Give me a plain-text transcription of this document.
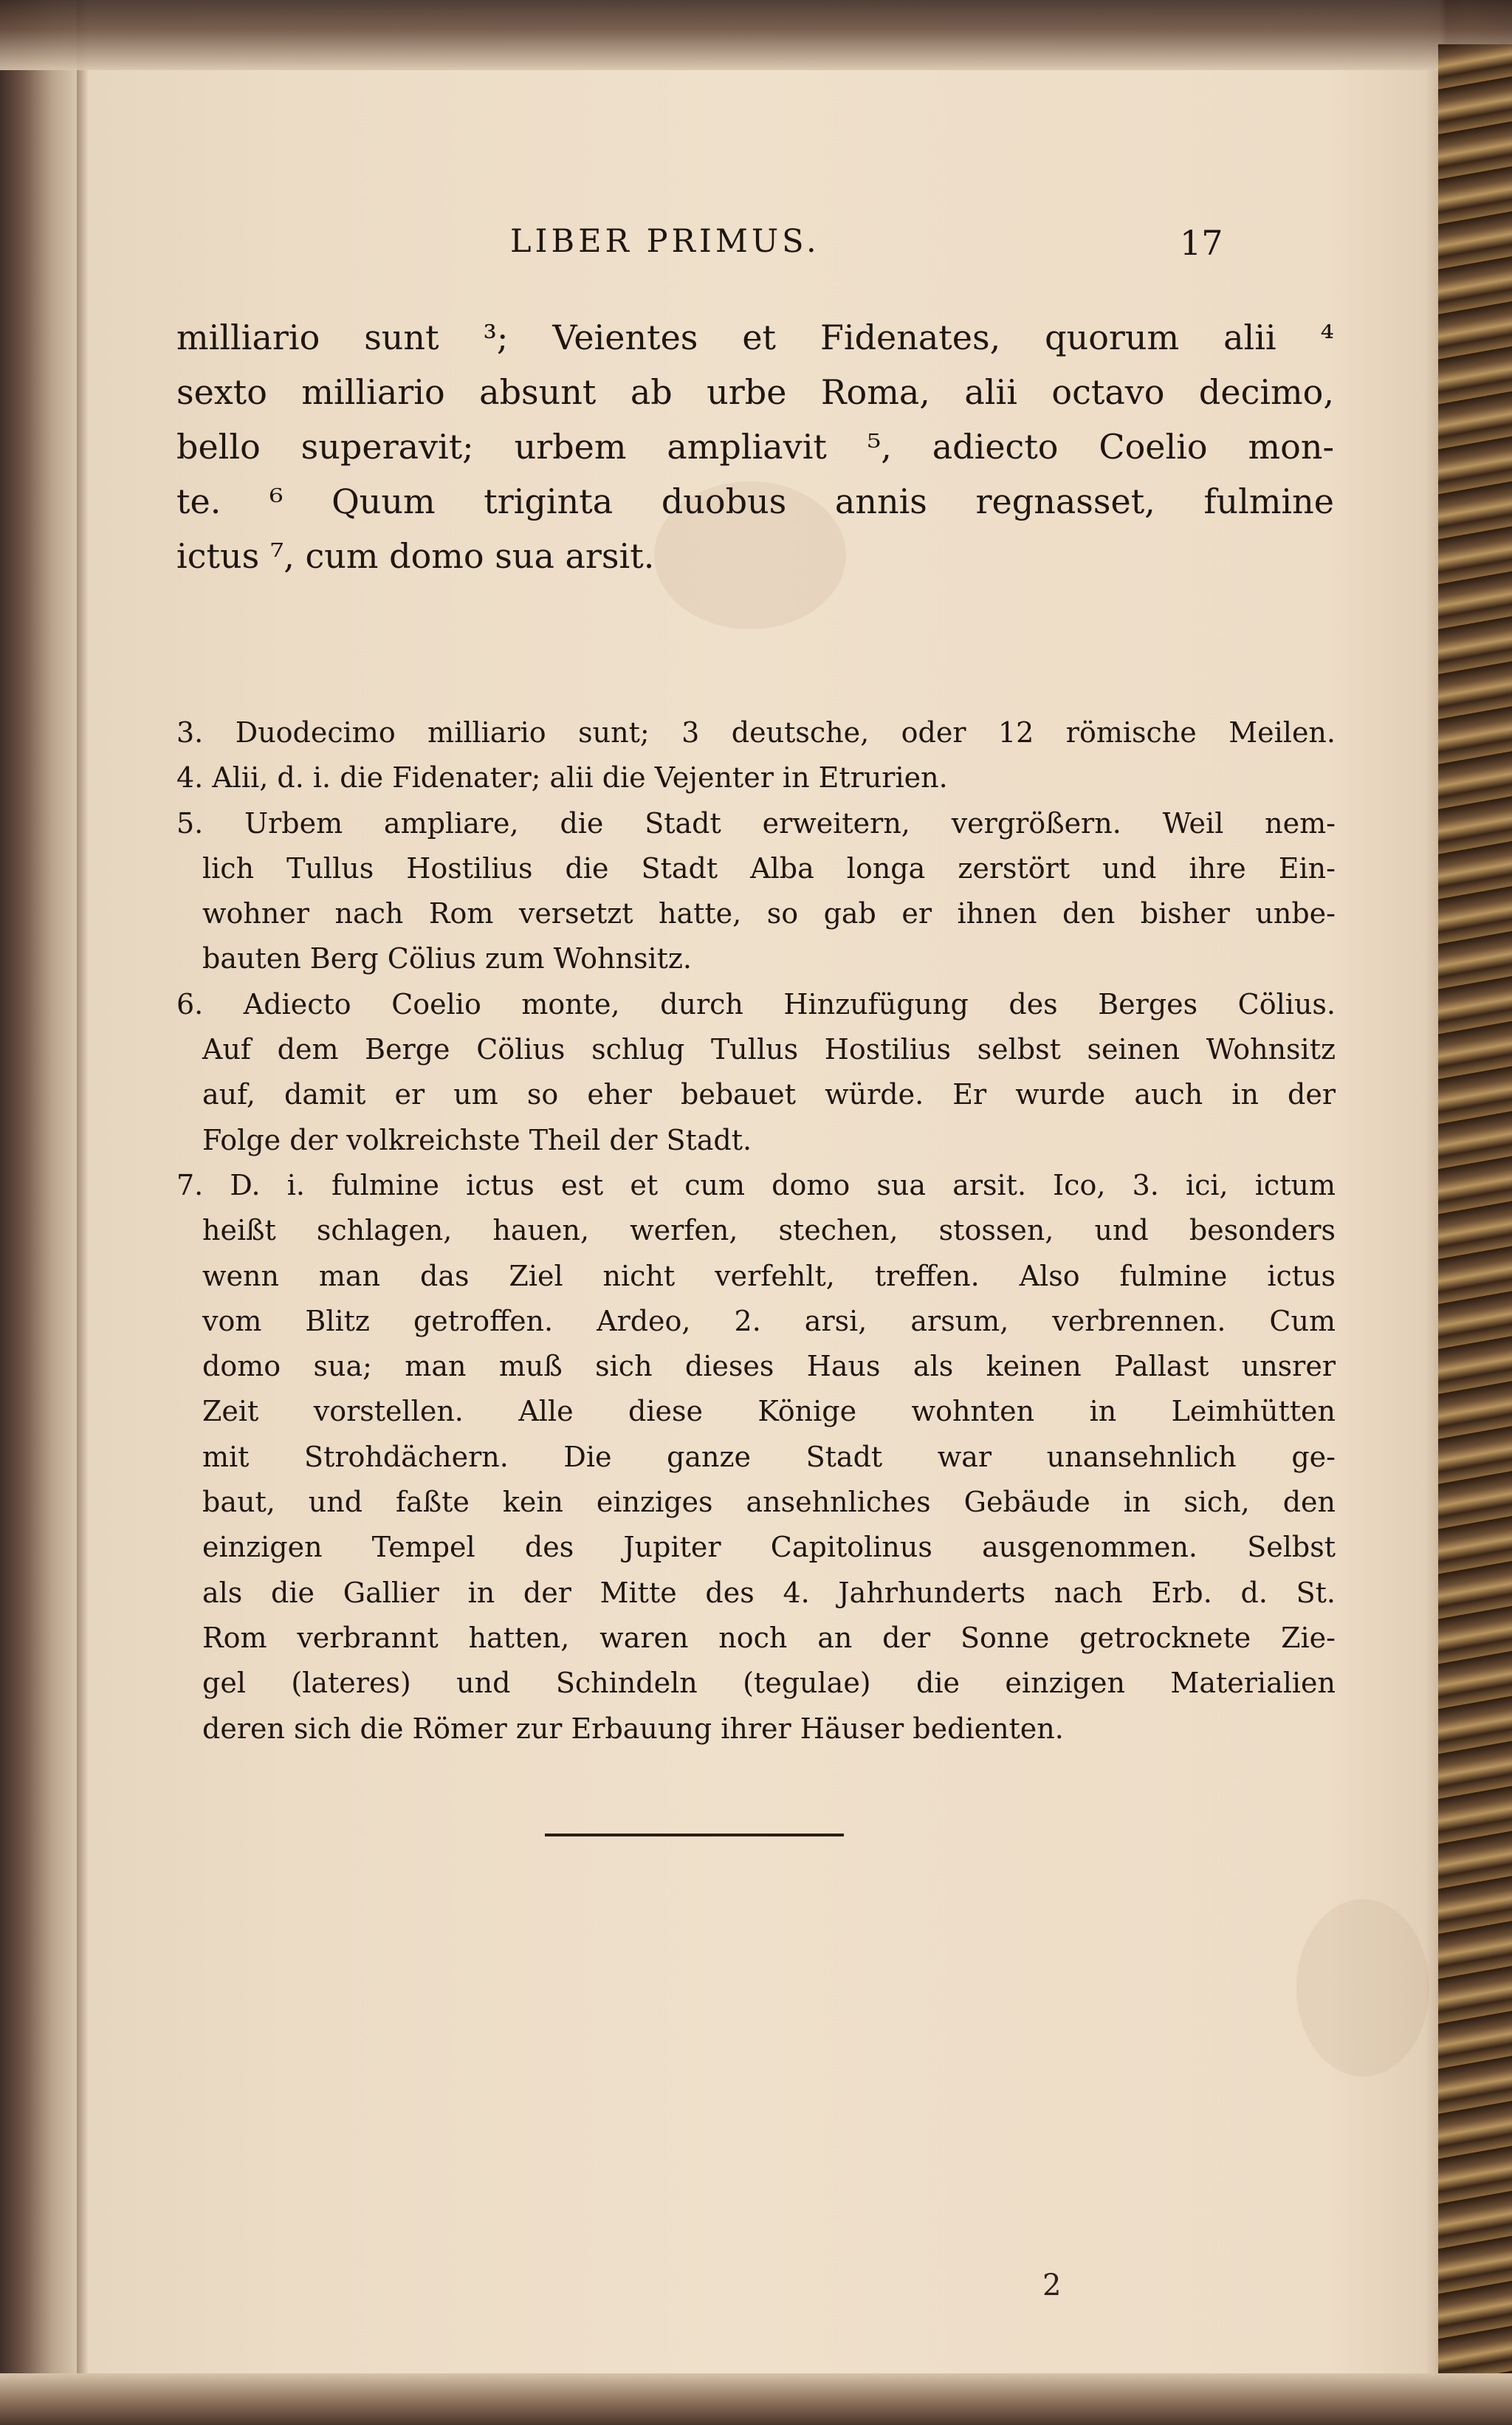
LIBER PRIMUS.	17
milliario sunt ³; Veientes et Fidenates, quorum alii ⁴
sexto milliario absunt ab urbe Roma, alii octavo decimo,
bello superavit; urbem ampliavit ⁵, adiecto Coelio mon-
te. ⁶ Quum triginta duobus annis regnasset, fulmine
ictus ⁷, cum domo sua arsit.
3. Duodecimo milliario sunt; 3 deutsche, oder 12 römische Meilen.
4. Alii, d. i. die Fidenater; alii die Vejenter in Etrurien.
5. Urbem ampliare, die Stadt erweitern, vergrößern. Weil nem-
lich Tullus Hostilius die Stadt Alba longa zerstört und ihre Ein-
wohner nach Rom versetzt hatte, so gab er ihnen den bisher unbe-
bauten Berg Cölius zum Wohnsitz.
6. Adiecto Coelio monte, durch Hinzufügung des Berges Cölius.
Auf dem Berge Cölius schlug Tullus Hostilius selbst seinen Wohnsitz
auf, damit er um so eher bebauet würde. Er wurde auch in der
Folge der volkreichste Theil der Stadt.
7. D. i. fulmine ictus est et cum domo sua arsit. Ico, 3. ici, ictum
heißt schlagen, hauen, werfen, stechen, stossen, und besonders
wenn man das Ziel nicht verfehlt, treffen. Also fulmine ictus
vom Blitz getroffen. Ardeo, 2. arsi, arsum, verbrennen. Cum
domo sua; man muß sich dieses Haus als keinen Pallast unsrer
Zeit vorstellen. Alle diese Könige wohnten in Leimhütten
mit Strohdächern. Die ganze Stadt war unansehnlich ge-
baut, und faßte kein einziges ansehnliches Gebäude in sich, den
einzigen Tempel des Jupiter Capitolinus ausgenommen. Selbst
als die Gallier in der Mitte des 4. Jahrhunderts nach Erb. d. St.
Rom verbrannt hatten, waren noch an der Sonne getrocknete Zie-
gel (lateres) und Schindeln (tegulae) die einzigen Materialien
deren sich die Römer zur Erbauung ihrer Häuser bedienten.
2
